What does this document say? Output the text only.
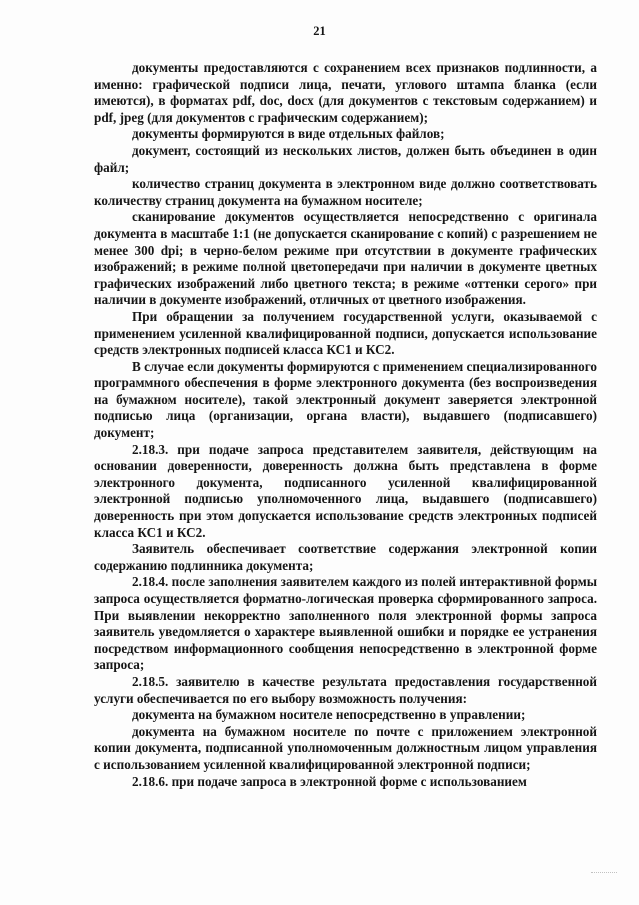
21

документы предоставляются с сохранением всех признаков подлинности, а именно: графической подписи лица, печати, углового штампа бланка (если имеются), в форматах pdf, doc, docx (для документов с текстовым содержанием) и pdf, jpeg (для документов с графическим содержанием);

документы формируются в виде отдельных файлов;

документ, состоящий из нескольких листов, должен быть объединен в один файл;

количество страниц документа в электронном виде должно соответствовать количеству страниц документа на бумажном носителе;

сканирование документов осуществляется непосредственно с оригинала документа в масштабе 1:1 (не допускается сканирование с копий) с разрешением не менее 300 dpi; в черно-белом режиме при отсутствии в документе графических изображений; в режиме полной цветопередачи при наличии в документе цветных графических изображений либо цветного текста; в режиме «оттенки серого» при наличии в документе изображений, отличных от цветного изображения.

При обращении за получением государственной услуги, оказываемой с применением усиленной квалифицированной подписи, допускается использование средств электронных подписей класса КС1 и КС2.

В случае если документы формируются с применением специализированного программного обеспечения в форме электронного документа (без воспроизведения на бумажном носителе), такой электронный документ заверяется электронной подписью лица (организации, органа власти), выдавшего (подписавшего) документ;

2.18.3. при подаче запроса представителем заявителя, действующим на основании доверенности, доверенность должна быть представлена в форме электронного документа, подписанного усиленной квалифицированной электронной подписью уполномоченного лица, выдавшего (подписавшего) доверенность при этом допускается использование средств электронных подписей класса КС1 и КС2.

Заявитель обеспечивает соответствие содержания электронной копии содержанию подлинника документа;

2.18.4. после заполнения заявителем каждого из полей интерактивной формы запроса осуществляется форматно-логическая проверка сформированного запроса. При выявлении некорректно заполненного поля электронной формы запроса заявитель уведомляется о характере выявленной ошибки и порядке ее устранения посредством информационного сообщения непосредственно в электронной форме запроса;

2.18.5. заявителю в качестве результата предоставления государственной услуги обеспечивается по его выбору возможность получения:

документа на бумажном носителе непосредственно в управлении;

документа на бумажном носителе по почте с приложением электронной копии документа, подписанной уполномоченным должностным лицом управления с использованием усиленной квалифицированной электронной подписи;

2.18.6. при подаче запроса в электронной форме с использованием
